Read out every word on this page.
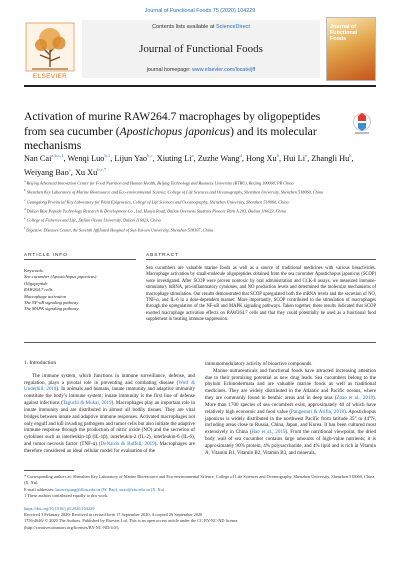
Journal of Functional Foods 75 (2020) 104229
ELSEVIER
Contents lists available at ScienceDirect
Journal of Functional Foods
journal homepage: www.elsevier.com/locate/jff
Journal of Functional Foods
Activation of murine RAW264.7 macrophages by oligopeptides from sea cucumber (Apostichopus japonicus) and its molecular mechanisms
Nan Cai$^{a,b,c,1}$, Wenqi Luo$^{b,1}$, Lijun Yao$^{b,c}$, Xiuting Li$^a$, Zuzhe Wang$^d$, Hong Xu$^b$, Hui Li$^e$, Zhangli Hu$^b$, Weiyang Bao$^c$, Xu $Xu^{b,c,*}$
$^a$ Beijing Advanced Innovation Center for Food Nutrition and Human Health, Beijing Technology and Business University (BTBU), Beijing 100000, PR China
$^b$ Shenzhen Key Laboratory of Marine Bioresource and Eco-environmental Science, College of Life Sciences and Oceanography, Shenzhen University, Shenzhen 518060, China
$^c$ Guangdong Provincial Key Laboratory for Plant Epigenetics, College of Life Sciences and Oceanography, Shenzhen University, Shenzhen 518060, China
$^d$ Dalian Blue Peptide Technology Research & Development Co., Ltd, Huayu Road, Dalian Overseas Students Pioneer Park A 203, Dalian 116023, China
$^e$ College of Fisheries and Life, Dalian Ocean University, Dalian 116023, China
$^f$ Digestive Diseases Center, the Seventh Affiliated Hospital of Sun Yat-sen University, Shenzhen 518107, China
ARTICLE INFO	ABSTRACT
Keywords:
Sea cucumber (Apostichopus japonicus)
Oligopeptide
RAW264.7 cells
Macrophage activation
The NF-κB signaling pathway
The MAPK signaling pathway
Sea cucumbers are valuable marine foods as well as a source of traditional medicines with various bioactivities. Macrophage activation by small-molecule oligopeptides obtained from the sea cucumber Apostichopus japonicus (SCOP) were investigated. After SCOP were proven nontoxic by oral administration and CCK-8 assays, we measured immune-stimulatory mRNA, pro-inflammatory cytokines, and NO production levels and determined the molecular mechanisms of macrophage stimulation. Our results demonstrated that SCOP upregulated both the mRNA levels and the secretion of NO, TNF-α, and IL-6 in a dose-dependent manner. More importantly, SCOP contributed to the stimulation of macrophages through the upregulation of the NF-κB and MAPK signaling pathways. Taken together, these results indicated that SCOP exerted macrophage activation effects on RAW264.7 cells and that they could potentially be used as a functional food supplement in treating immune suppression.
1. Introduction

The immune system, which functions in immune surveillance, defense, and regulation, plays a pivotal role in preventing and combating disease (Wolf & Underhill, 2018). In animals and humans, innate immunity and adaptive immunity constitute the body’s immune system; innate immunity is the first line of defense against infections (Taguchi & Mukai, 2019). Macrophages play an important role in innate immunity and are distributed in almost all bodily tissues. They are vital bridges between innate and adaptive immune responses. Activated macrophages not only engulf and kill invading pathogens and tumor cells but also initiate the adaptive immune response through the production of nitric oxide (NO) and the secretion of cytokines such as interleukin-1β (IL-1β), interleukin-2 (IL-2), interleukin-6 (IL-6), and tumor necrosis factor (TNF-α) (DeNardo & Ruffell, 2019). Macrophages are therefore considered an ideal cellular model for evaluation of the

immunomodulatory activity of bioactive compounds.

Marine nutraceuticals and functional foods have attracted increasing attention due to their promising potential as new drug leads. Sea cucumbers belong to the phylum Echinodermata and are valuable marine foods as well as traditional medicines. They are widely distributed in the Atlantic and Pacific oceans, where they are commonly found in benthic areas and in deep seas (Zhao et al., 2018). More than 1700 species of sea cucumbers exist, approximately 40 of which have relatively high economic and food value (Pangestuti & Arifin, 2018). Apostichopus japonicus is widely distributed in the northwest Pacific from latitude 35° to 44°N, including areas close to Russia, China, Japan, and Korea. It has been cultured most extensively in China (Hao et al., 2019). From the nutritional viewpoint, the dried body wall of sea cucumber contains large amounts of high-value nutrients; it is approximately 90% protein, 4% polysaccharide, and 4% lipid and is rich in Vitamin A, Vitamin B1, Vitamin B2, Vitamin B3, and minerals,

* Corresponding authors at: Shenzhen Key Laboratory of Marine Bioresource and Eco-environmental Science, College of Life Sciences and Oceanography, Shenzhen University, Shenzhen 518060, China (X. Xu).
E-mail addresses: baoweiyang@dlou.edu.cn (W. Bao), xuxu@szu.edu.cn (X. Xu).
1 These authors contributed equally to this work.
https://doi.org/10.1016/j.jff.2020.104229
Received 3 February 2020; Received in revised form 17 September 2020; Accepted 26 September 2020
1756-4646/ © 2020 The Authors. Published by Elsevier Ltd. This is an open access article under the CC BY-NC-ND license
(http://creativecommons.org/licenses/BY-NC-ND/4.0/).
